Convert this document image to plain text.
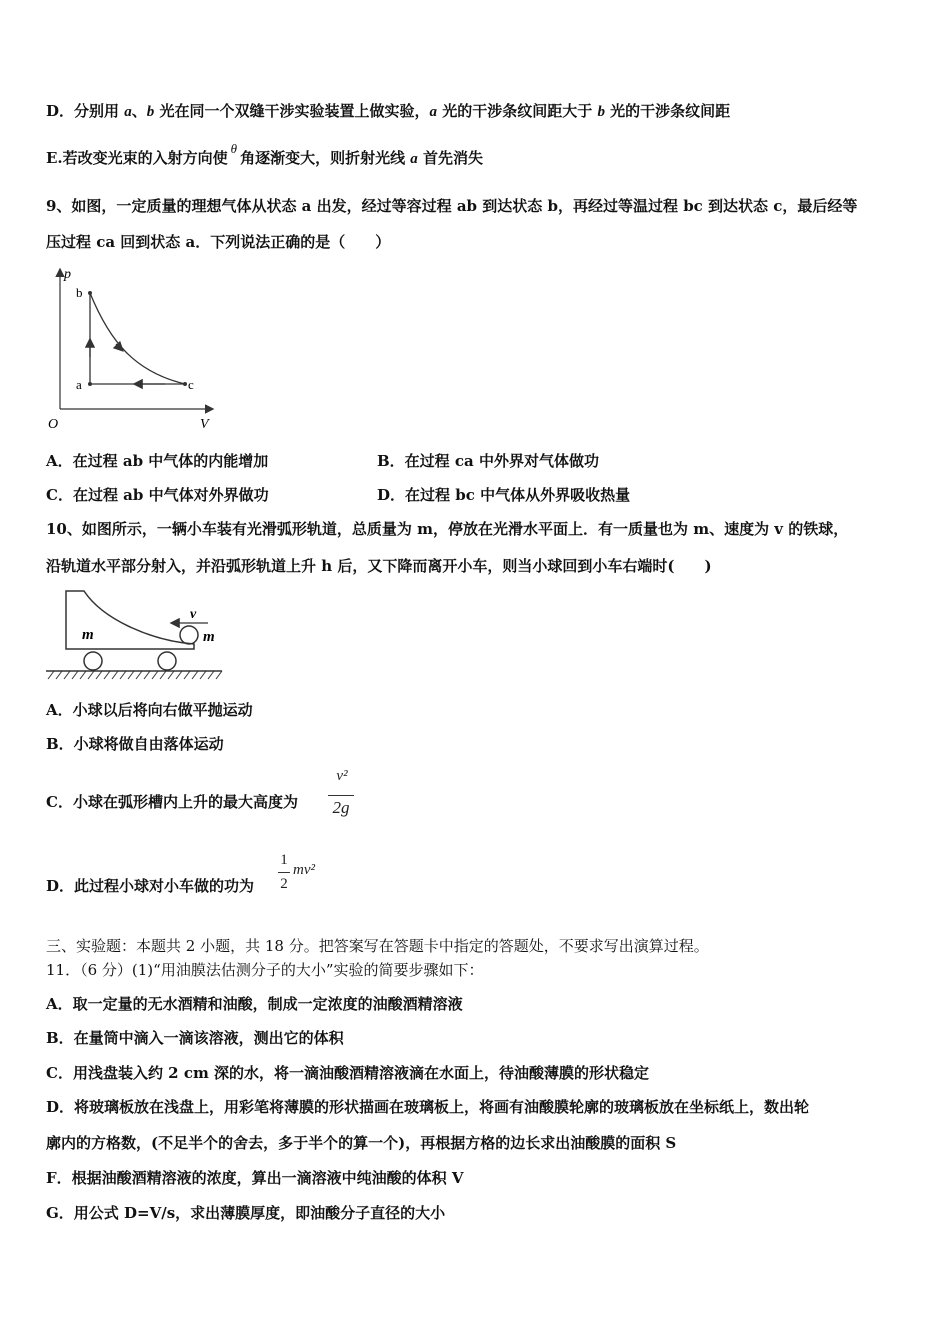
D．分别用 a、b 光在同一个双缝干涉实验装置上做实验，a 光的干涉条纹间距大于 b 光的干涉条纹间距
E.若改变光束的入射方向使θ角逐渐变大，则折射光线 a 首先消失
9、如图，一定质量的理想气体从状态 a 出发，经过等容过程 ab 到达状态 b，再经过等温过程 bc 到达状态 c，最后经等
压过程 ca 回到状态 a．下列说法正确的是（　　）
p
V
O
a
b
c
A．在过程 ab 中气体的内能增加	B．在过程 ca 中外界对气体做功
C．在过程 ab 中气体对外界做功	D．在过程 bc 中气体从外界吸收热量
10、如图所示，一辆小车装有光滑弧形轨道，总质量为 m，停放在光滑水平面上．有一质量也为 m、速度为 v 的铁球，
沿轨道水平部分射入，并沿弧形轨道上升 h 后，又下降而离开小车，则当小球回到小车右端时(　　)
m	m
v
A．小球以后将向右做平抛运动
B．小球将做自由落体运动
C．小球在弧形槽内上升的最大高度为
v²
2g
D．此过程小球对小车做的功为
1
2
mv²
三、实验题：本题共 2 小题，共 18 分。把答案写在答题卡中指定的答题处，不要求写出演算过程。
11．（6 分）(1)“用油膜法估测分子的大小”实验的简要步骤如下：
A．取一定量的无水酒精和油酸，制成一定浓度的油酸酒精溶液
B．在量筒中滴入一滴该溶液，测出它的体积
C．用浅盘装入约 2 cm 深的水，将一滴油酸酒精溶液滴在水面上，待油酸薄膜的形状稳定
D．将玻璃板放在浅盘上，用彩笔将薄膜的形状描画在玻璃板上，将画有油酸膜轮廓的玻璃板放在坐标纸上，数出轮
廓内的方格数，(不足半个的舍去，多于半个的算一个)，再根据方格的边长求出油酸膜的面积 S
F．根据油酸酒精溶液的浓度，算出一滴溶液中纯油酸的体积 V
G．用公式 D=V/s，求出薄膜厚度，即油酸分子直径的大小
